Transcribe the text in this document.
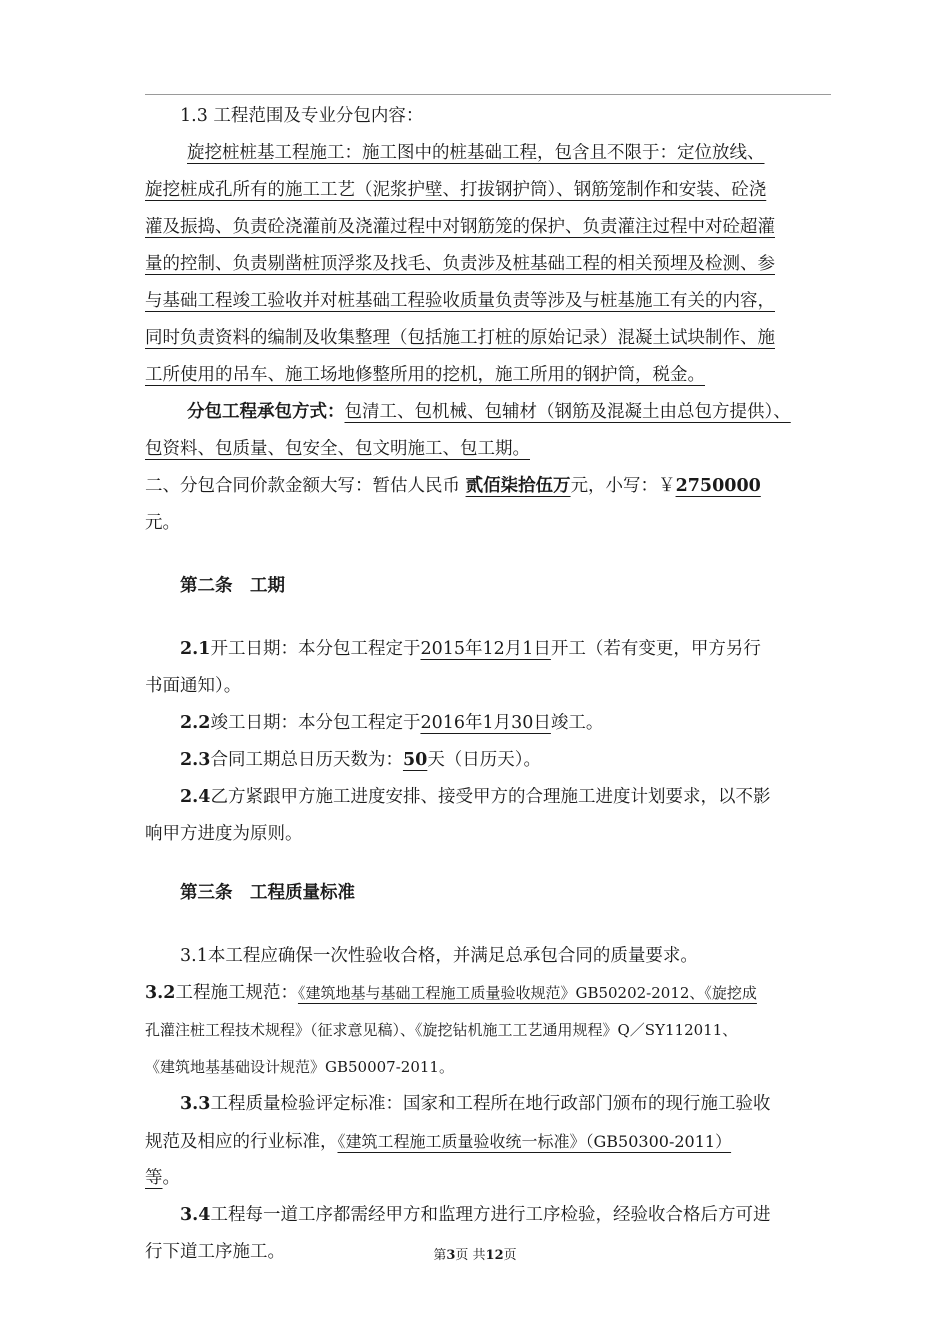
1.3 工程范围及专业分包内容：
旋挖桩桩基工程施工：施工图中的桩基础工程，包含且不限于：定位放线、
旋挖桩成孔所有的施工工艺（泥浆护壁、打拔钢护筒）、钢筋笼制作和安装、砼浇
灌及振捣、负责砼浇灌前及浇灌过程中对钢筋笼的保护、负责灌注过程中对砼超灌
量的控制、负责剔凿桩顶浮浆及找毛、负责涉及桩基础工程的相关预埋及检测、参
与基础工程竣工验收并对桩基础工程验收质量负责等涉及与桩基施工有关的内容，
同时负责资料的编制及收集整理（包括施工打桩的原始记录）混凝土试块制作、施
工所使用的吊车、施工场地修整所用的挖机，施工所用的钢护筒，税金。
分包工程承包方式：包清工、包机械、包辅材（钢筋及混凝土由总包方提供）、
包资料、包质量、包安全、包文明施工、包工期。
二、分包合同价款金额大写：暂估人民币 贰佰柒拾伍万元，小写：￥2750000
元。
第二条　工期
2.1开工日期：本分包工程定于2015年12月1日开工（若有变更，甲方另行
书面通知）。
2.2竣工日期：本分包工程定于2016年1月30日竣工。
2.3合同工期总日历天数为：50天（日历天）。
2.4乙方紧跟甲方施工进度安排、接受甲方的合理施工进度计划要求，以不影
响甲方进度为原则。
第三条　工程质量标准
3.1本工程应确保一次性验收合格，并满足总承包合同的质量要求。
3.2工程施工规范：《建筑地基与基础工程施工质量验收规范》GB50202-2012、《旋挖成
孔灌注桩工程技术规程》（征求意见稿）、《旋挖钻机施工工艺通用规程》Q／SY112011、
《建筑地基基础设计规范》GB50007-2011。
3.3工程质量检验评定标准：国家和工程所在地行政部门颁布的现行施工验收
规范及相应的行业标准，《建筑工程施工质量验收统一标准》（GB50300-2011）
等。
3.4工程每一道工序都需经甲方和监理方进行工序检验，经验收合格后方可进
行下道工序施工。	第3页 共12页
